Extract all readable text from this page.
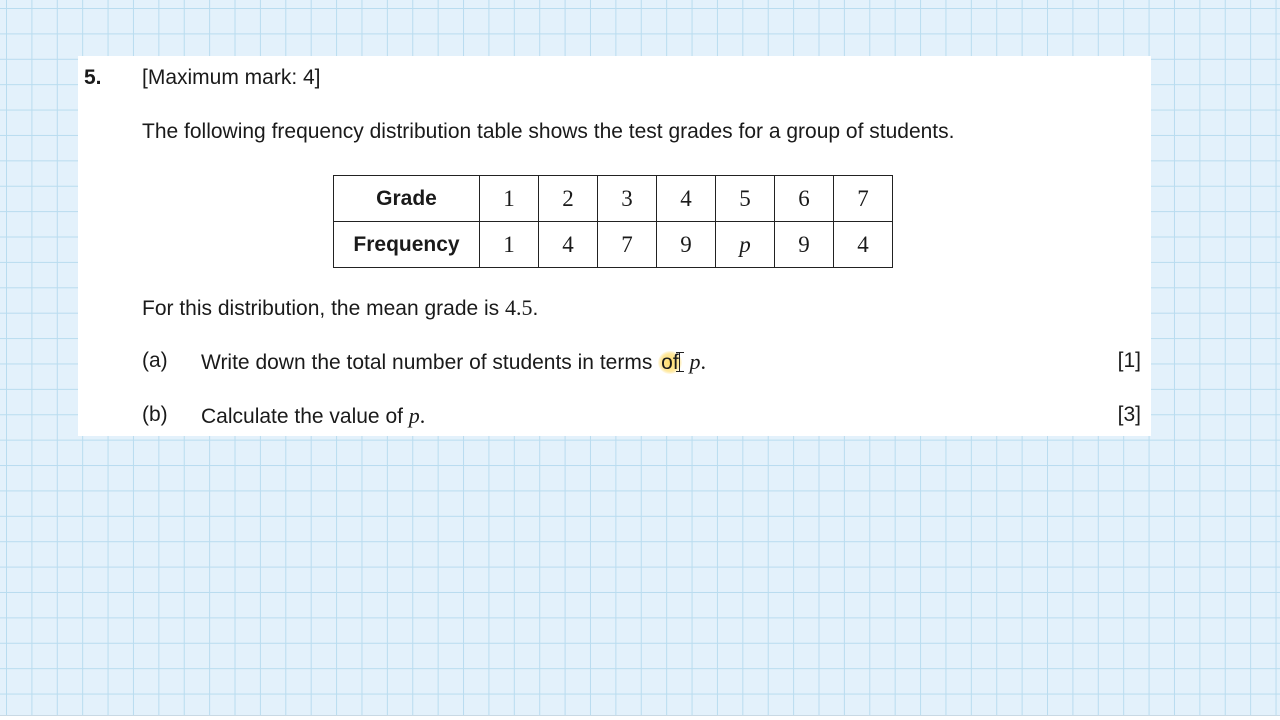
5. [Maximum mark: 4]
The following frequency distribution table shows the test grades for a group of students.
Grade	1	2	3	4	5	6	7
Frequency	1	4	7	9	p	9	4
For this distribution, the mean grade is 4.5.
(a) Write down the total number of students in terms of p.	[1]
(b) Calculate the value of p.	[3]
